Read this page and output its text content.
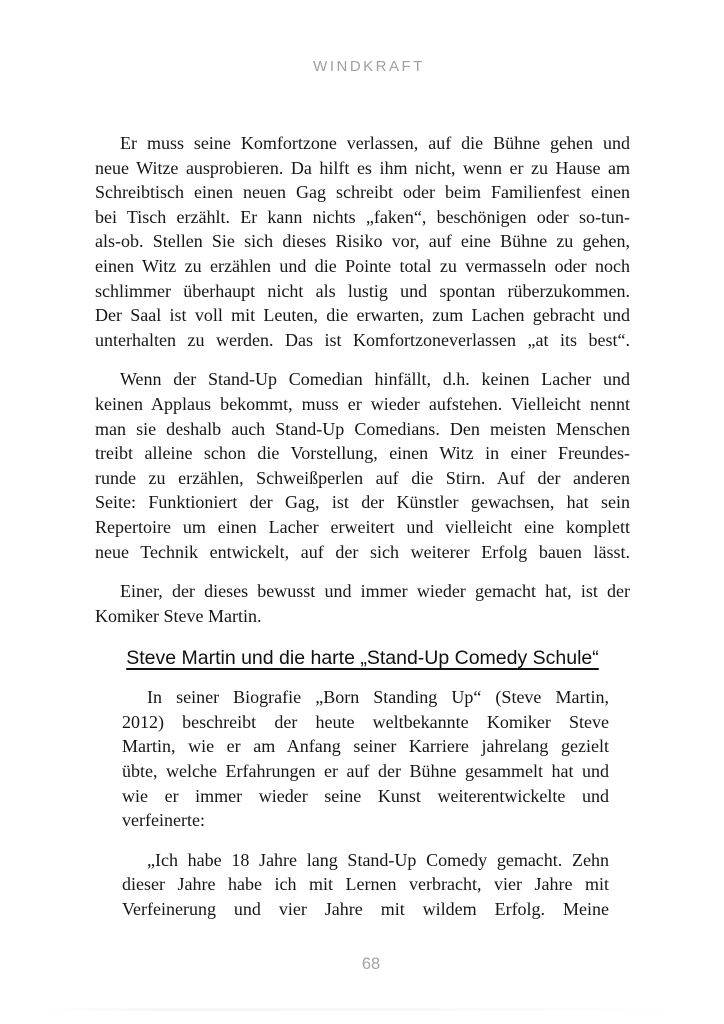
WINDKRAFT
Er muss seine Komfortzone verlassen, auf die Bühne gehen und
neue Witze ausprobieren. Da hilft es ihm nicht, wenn er zu Hause am
Schreibtisch einen neuen Gag schreibt oder beim Familienfest einen
bei Tisch erzählt. Er kann nichts „faken“, beschönigen oder so-tun-
als-ob. Stellen Sie sich dieses Risiko vor, auf eine Bühne zu gehen,
einen Witz zu erzählen und die Pointe total zu vermasseln oder noch
schlimmer überhaupt nicht als lustig und spontan rüberzukommen.
Der Saal ist voll mit Leuten, die erwarten, zum Lachen gebracht und
unterhalten zu werden. Das ist Komfortzoneverlassen „at its best“.
Wenn der Stand-Up Comedian hinfällt, d.h. keinen Lacher und
keinen Applaus bekommt, muss er wieder aufstehen. Vielleicht nennt
man sie deshalb auch Stand-Up Comedians. Den meisten Menschen
treibt alleine schon die Vorstellung, einen Witz in einer Freundes-
runde zu erzählen, Schweißperlen auf die Stirn. Auf der anderen
Seite: Funktioniert der Gag, ist der Künstler gewachsen, hat sein
Repertoire um einen Lacher erweitert und vielleicht eine komplett
neue Technik entwickelt, auf der sich weiterer Erfolg bauen lässt.
Einer, der dieses bewusst und immer wieder gemacht hat, ist der
Komiker Steve Martin.
Steve Martin und die harte „Stand-Up Comedy Schule“
In seiner Biografie „Born Standing Up“ (Steve Martin,
2012) beschreibt der heute weltbekannte Komiker Steve
Martin, wie er am Anfang seiner Karriere jahrelang gezielt
übte, welche Erfahrungen er auf der Bühne gesammelt hat und
wie er immer wieder seine Kunst weiterentwickelte und
verfeinerte:
„Ich habe 18 Jahre lang Stand-Up Comedy gemacht. Zehn
dieser Jahre habe ich mit Lernen verbracht, vier Jahre mit
Verfeinerung und vier Jahre mit wildem Erfolg. Meine
68
